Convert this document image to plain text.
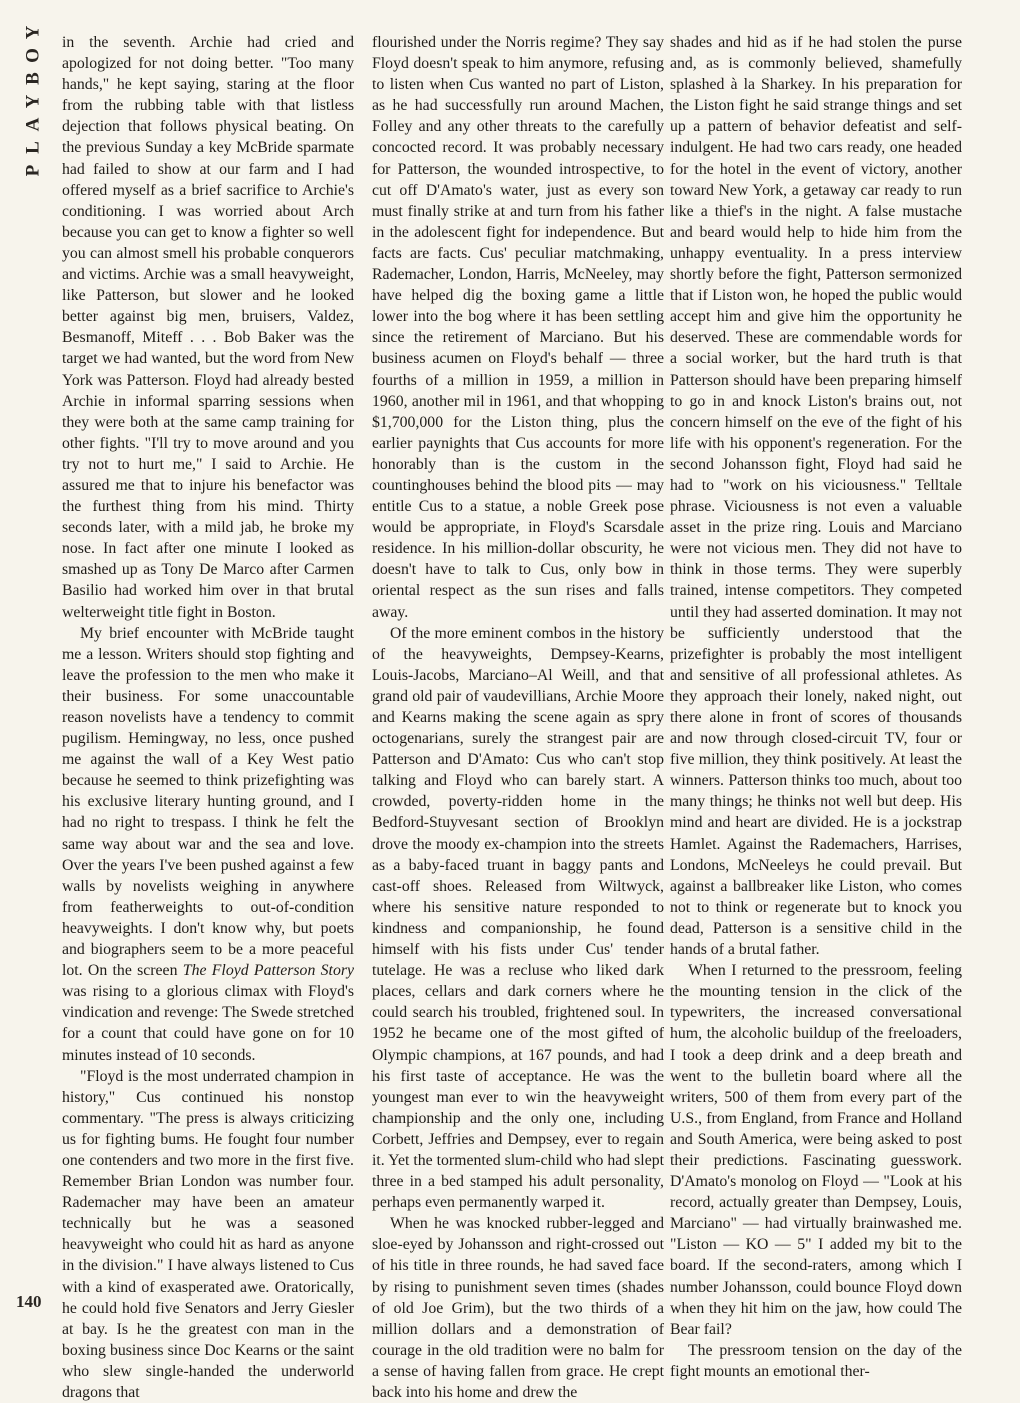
Y
O
B
Y
A
L
P

in the seventh. Archie had cried and apologized for not doing better. "Too many hands," he kept saying, staring at the floor from the rubbing table with that listless dejection that follows physical beating. On the previous Sunday a key McBride sparmate had failed to show at our farm and I had offered myself as a brief sacrifice to Archie's conditioning. I was worried about Arch because you can get to know a fighter so well you can almost smell his probable conquerors and victims. Archie was a small heavyweight, like Patterson, but slower and he looked better against big men, bruisers, Valdez, Besmanoff, Miteff . . . Bob Baker was the target we had wanted, but the word from New York was Patterson. Floyd had already bested Archie in informal sparring sessions when they were both at the same camp training for other fights. "I'll try to move around and you try not to hurt me," I said to Archie. He assured me that to injure his benefactor was the furthest thing from his mind. Thirty seconds later, with a mild jab, he broke my nose. In fact after one minute I looked as smashed up as Tony De Marco after Carmen Basilio had worked him over in that brutal welterweight title fight in Boston.

My brief encounter with McBride taught me a lesson. Writers should stop fighting and leave the profession to the men who make it their business. For some unaccountable reason novelists have a tendency to commit pugilism. Hemingway, no less, once pushed me against the wall of a Key West patio because he seemed to think prizefighting was his exclusive literary hunting ground, and I had no right to trespass. I think he felt the same way about war and the sea and love. Over the years I've been pushed against a few walls by novelists weighing in anywhere from featherweights to out-of-condition heavyweights. I don't know why, but poets and biographers seem to be a more peaceful lot. On the screen The Floyd Patterson Story was rising to a glorious climax with Floyd's vindication and revenge: The Swede stretched for a count that could have gone on for 10 minutes instead of 10 seconds.

"Floyd is the most underrated champion in history," Cus continued his nonstop commentary. "The press is always criticizing us for fighting bums. He fought four number one contenders and two more in the first five. Remember Brian London was number four. Rademacher may have been an amateur technically but he was a seasoned heavyweight who could hit as hard as anyone in the division." I have always listened to Cus with a kind of exasperated awe. Oratorically, he could hold five Senators and Jerry Giesler at bay. Is he the greatest con man in the boxing business since Doc Kearns or the saint who slew single-handed the underworld dragons that

flourished under the Norris regime? They say Floyd doesn't speak to him anymore, refusing to listen when Cus wanted no part of Liston, as he had successfully run around Machen, Folley and any other threats to the carefully concocted record. It was probably necessary for Patterson, the wounded introspective, to cut off D'Amato's water, just as every son must finally strike at and turn from his father in the adolescent fight for independence. But facts are facts. Cus' peculiar matchmaking, Rademacher, London, Harris, McNeeley, may have helped dig the boxing game a little lower into the bog where it has been settling since the retirement of Marciano. But his business acumen on Floyd's behalf — three fourths of a million in 1959, a million in 1960, another mil in 1961, and that whopping $1,700,000 for the Liston thing, plus the earlier paynights that Cus accounts for more honorably than is the custom in the countinghouses behind the blood pits — may entitle Cus to a statue, a noble Greek pose would be appropriate, in Floyd's Scarsdale residence. In his million-dollar obscurity, he doesn't have to talk to Cus, only bow in oriental respect as the sun rises and falls away.

Of the more eminent combos in the history of the heavyweights, Dempsey-Kearns, Louis-Jacobs, Marciano–Al Weill, and that grand old pair of vaudevillians, Archie Moore and Kearns making the scene again as spry octogenarians, surely the strangest pair are Patterson and D'Amato: Cus who can't stop talking and Floyd who can barely start. A crowded, poverty-ridden home in the Bedford-Stuyvesant section of Brooklyn drove the moody ex-champion into the streets as a baby-faced truant in baggy pants and cast-off shoes. Released from Wiltwyck, where his sensitive nature responded to kindness and companionship, he found himself with his fists under Cus' tender tutelage. He was a recluse who liked dark places, cellars and dark corners where he could search his troubled, frightened soul. In 1952 he became one of the most gifted of Olympic champions, at 167 pounds, and had his first taste of acceptance. He was the youngest man ever to win the heavyweight championship and the only one, including Corbett, Jeffries and Dempsey, ever to regain it. Yet the tormented slum-child who had slept three in a bed stamped his adult personality, perhaps even permanently warped it.

When he was knocked rubber-legged and sloe-eyed by Johansson and right-crossed out of his title in three rounds, he had saved face by rising to punishment seven times (shades of old Joe Grim), but the two thirds of a million dollars and a demonstration of courage in the old tradition were no balm for a sense of having fallen from grace. He crept back into his home and drew the

shades and hid as if he had stolen the purse and, as is commonly believed, shamefully splashed à la Sharkey. In his preparation for the Liston fight he said strange things and set up a pattern of behavior defeatist and self-indulgent. He had two cars ready, one headed for the hotel in the event of victory, another toward New York, a getaway car ready to run like a thief's in the night. A false mustache and beard would help to hide him from the unhappy eventuality. In a press interview shortly before the fight, Patterson sermonized that if Liston won, he hoped the public would accept him and give him the opportunity he deserved. These are commendable words for a social worker, but the hard truth is that Patterson should have been preparing himself to go in and knock Liston's brains out, not concern himself on the eve of the fight of his life with his opponent's regeneration. For the second Johansson fight, Floyd had said he had to "work on his viciousness." Telltale phrase. Viciousness is not even a valuable asset in the prize ring. Louis and Marciano were not vicious men. They did not have to think in those terms. They were superbly trained, intense competitors. They competed until they had asserted domination. It may not be sufficiently understood that the prizefighter is probably the most intelligent and sensitive of all professional athletes. As they approach their lonely, naked night, out there alone in front of scores of thousands and now through closed-circuit TV, four or five million, they think positively. At least the winners. Patterson thinks too much, about too many things; he thinks not well but deep. His mind and heart are divided. He is a jockstrap Hamlet. Against the Rademachers, Harrises, Londons, McNeeleys he could prevail. But against a ballbreaker like Liston, who comes not to think or regenerate but to knock you dead, Patterson is a sensitive child in the hands of a brutal father.

When I returned to the pressroom, feeling the mounting tension in the click of the typewriters, the increased conversational hum, the alcoholic buildup of the freeloaders, I took a deep drink and a deep breath and went to the bulletin board where all the writers, 500 of them from every part of the U.S., from England, from France and Holland and South America, were being asked to post their predictions. Fascinating guesswork. D'Amato's monolog on Floyd — "Look at his record, actually greater than Dempsey, Louis, Marciano" — had virtually brainwashed me. "Liston — KO — 5" I added my bit to the board. If the second-raters, among which I number Johansson, could bounce Floyd down when they hit him on the jaw, how could The Bear fail?

The pressroom tension on the day of the fight mounts an emotional ther-

140
